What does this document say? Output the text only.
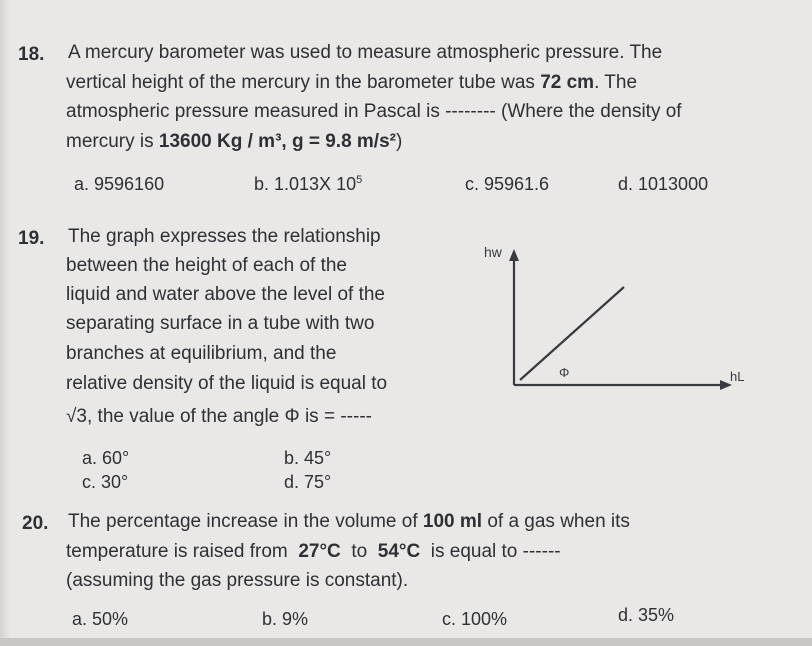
18. A mercury barometer was used to measure atmospheric pressure. The
vertical height of the mercury in the barometer tube was 72 cm. The
atmospheric pressure measured in Pascal is -------- (Where the density of
mercury is 13600 Kg / m³, g = 9.8 m/s²)
a. 9596160	b. 1.013X $10^5$	c. 95961.6	d. 1013000
19. The graph expresses the relationship
between the height of each of the
liquid and water above the level of the
separating surface in a tube with two
branches at equilibrium, and the
relative density of the liquid is equal to
√3, the value of the angle Φ is = -----
hw
hL
Φ
a. 60°	b. 45°
c. 30°	d. 75°
20. The percentage increase in the volume of 100 ml of a gas when its
temperature is raised from 27°C to 54°C is equal to ------
(assuming the gas pressure is constant).
a. 50%	b. 9%	c. 100%	d. 35%
